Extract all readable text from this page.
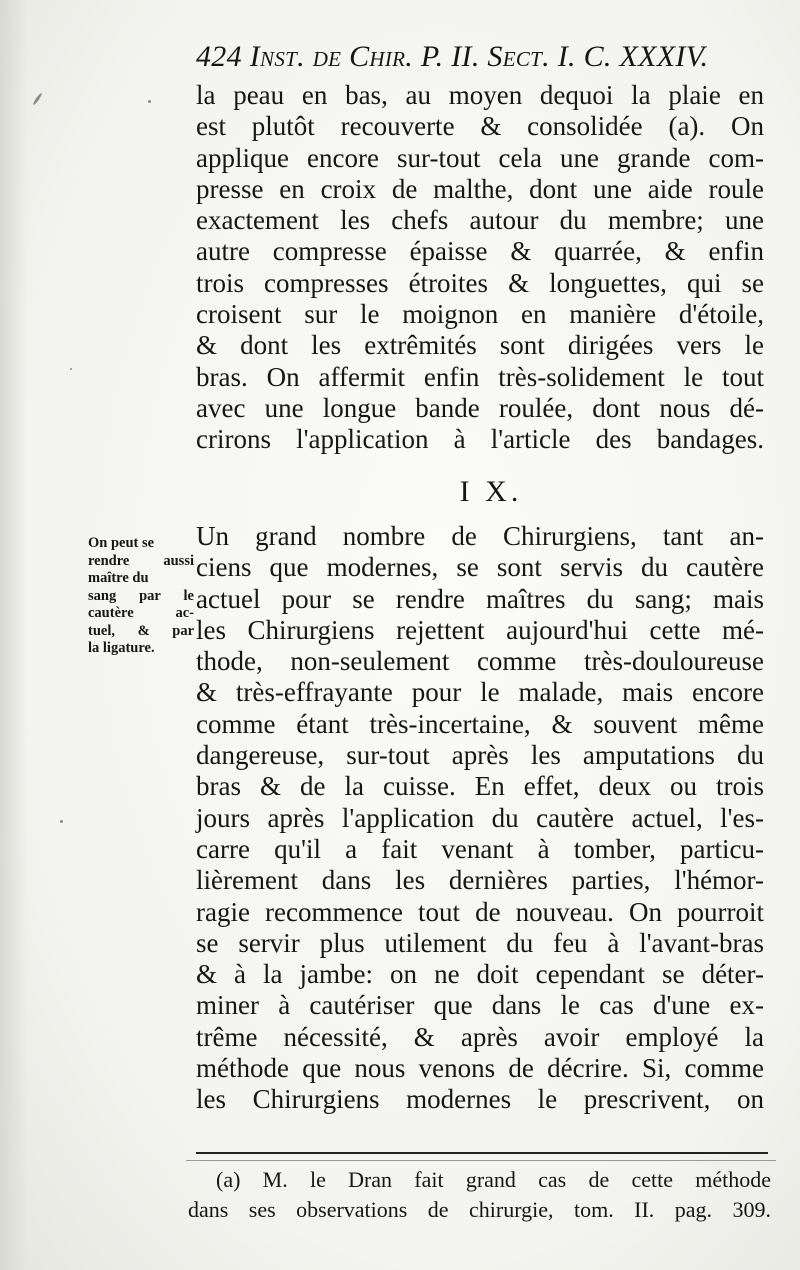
424 Inst. de Chir. P. II. Sect. I. C. XXXIV.
la peau en bas, au moyen dequoi la plaie en
est plutôt recouverte & consolidée (a). On
applique encore sur-tout cela une grande com-
presse en croix de malthe, dont une aide roule
exactement les chefs autour du membre; une
autre compresse épaisse & quarrée, & enfin
trois compresses étroites & longuettes, qui se
croisent sur le moignon en manière d'étoile,
& dont les extrêmités sont dirigées vers le
bras. On affermit enfin très-solidement le tout
avec une longue bande roulée, dont nous dé-
crirons l'application à l'article des bandages.
I X.
On peut se
rendre aussi
maître du
sang par le
cautère ac-
tuel, & par
la ligature.
Un grand nombre de Chirurgiens, tant an-
ciens que modernes, se sont servis du cautère
actuel pour se rendre maîtres du sang; mais
les Chirurgiens rejettent aujourd'hui cette mé-
thode, non-seulement comme très-douloureuse
& très-effrayante pour le malade, mais encore
comme étant très-incertaine, & souvent même
dangereuse, sur-tout après les amputations du
bras & de la cuisse. En effet, deux ou trois
jours après l'application du cautère actuel, l'es-
carre qu'il a fait venant à tomber, particu-
lièrement dans les dernières parties, l'hémor-
ragie recommence tout de nouveau. On pourroit
se servir plus utilement du feu à l'avant-bras
& à la jambe: on ne doit cependant se déter-
miner à cautériser que dans le cas d'une ex-
trême nécessité, & après avoir employé la
méthode que nous venons de décrire. Si, comme
les Chirurgiens modernes le prescrivent, on
(a) M. le Dran fait grand cas de cette méthode
dans ses observations de chirurgie, tom. II. pag. 309.
